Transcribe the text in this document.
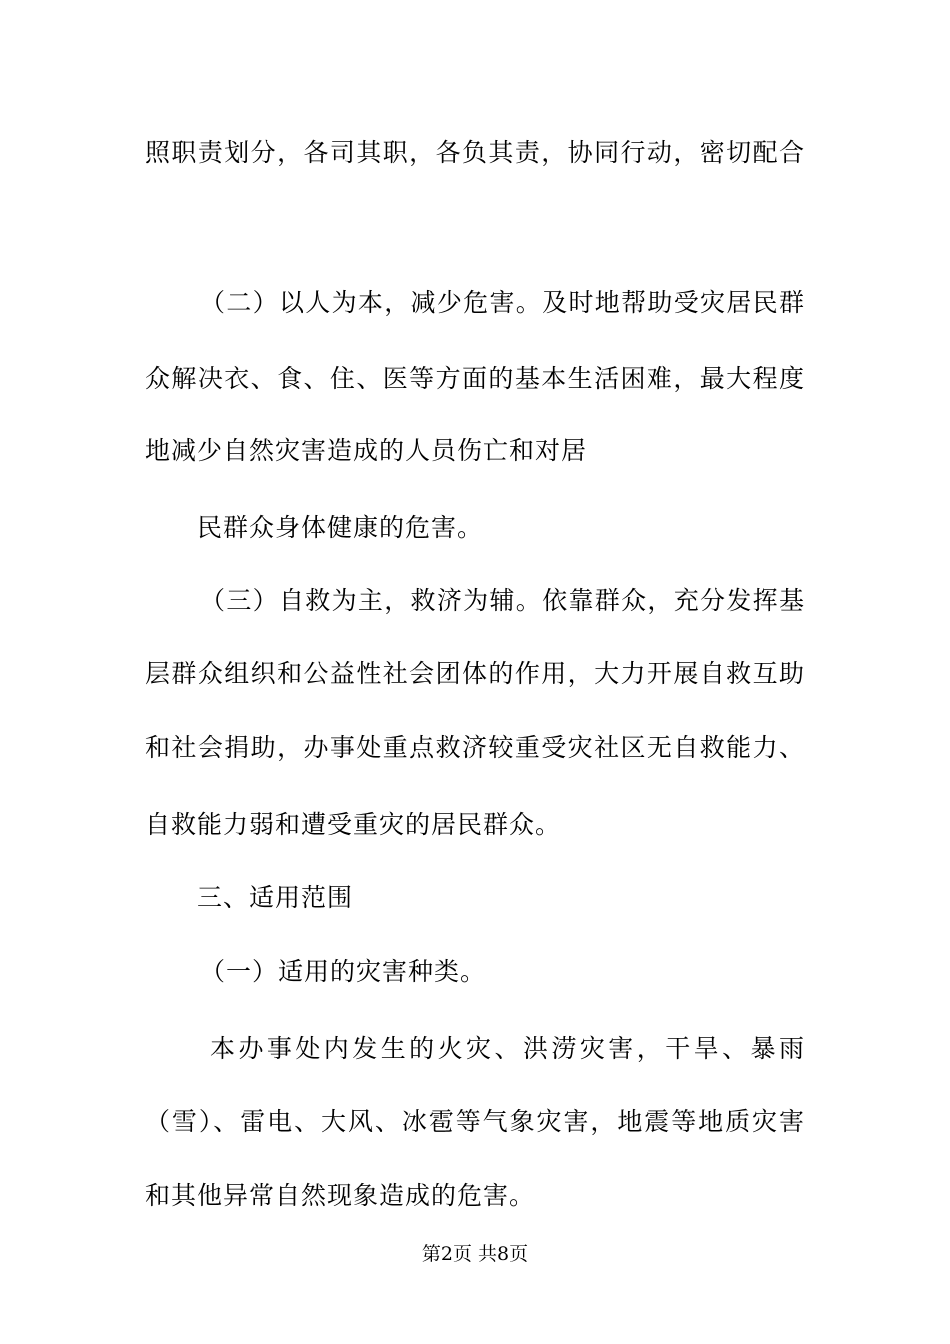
照职责划分，各司其职，各负其责，协同行动，密切配合

（二）以人为本，减少危害。及时地帮助受灾居民群

众解决衣、食、住、医等方面的基本生活困难，最大程度

地减少自然灾害造成的人员伤亡和对居

民群众身体健康的危害。

（三）自救为主，救济为辅。依靠群众，充分发挥基

层群众组织和公益性社会团体的作用，大力开展自救互助

和社会捐助，办事处重点救济较重受灾社区无自救能力、

自救能力弱和遭受重灾的居民群众。

三、适用范围

（一）适用的灾害种类。

本办事处内发生的火灾、洪涝灾害，干旱、暴雨

（雪）、雷电、大风、冰雹等气象灾害，地震等地质灾害

和其他异常自然现象造成的危害。

第2页 共8页
